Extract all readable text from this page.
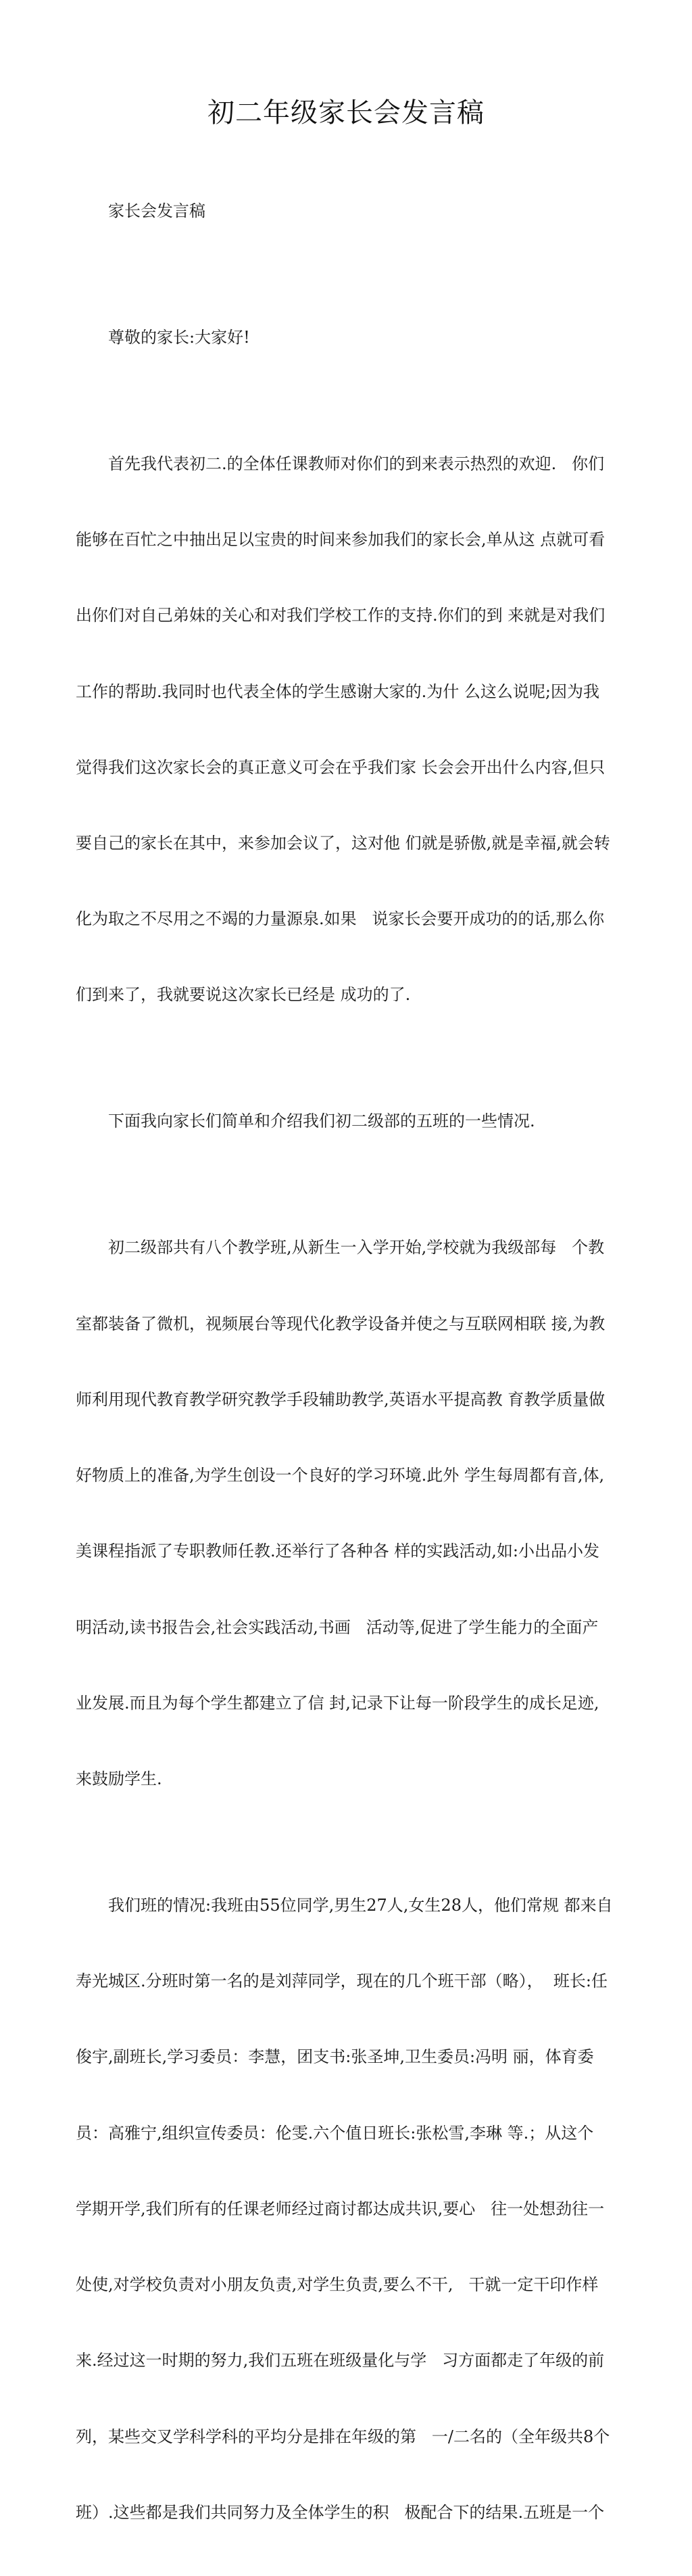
初二年级家长会发言稿

家长会发言稿

尊敬的家长:大家好!

首先我代表初二.的全体任课教师对你们的到来表示热烈的欢迎.   你们

能够在百忙之中抽出足以宝贵的时间来参加我们的家长会,单从这 点就可看

出你们对自己弟妹的关心和对我们学校工作的支持.你们的到 来就是对我们

工作的帮助.我同时也代表全体的学生感谢大家的.为什 么这么说呢;因为我

觉得我们这次家长会的真正意义可会在乎我们家 长会会开出什么内容,但只

要自己的家长在其中，来参加会议了，这对他 们就是骄傲,就是幸福,就会转

化为取之不尽用之不竭的力量源泉.如果   说家长会要开成功的的话,那么你

们到来了，我就要说这次家长已经是 成功的了.

下面我向家长们简单和介绍我们初二级部的五班的一些情况.

初二级部共有八个教学班,从新生一入学开始,学校就为我级部每   个教

室都装备了微机，视频展台等现代化教学设备并使之与互联网相联 接,为教

师利用现代教育教学研究教学手段辅助教学,英语水平提高教 育教学质量做

好物质上的准备,为学生创设一个良好的学习环境.此外 学生每周都有音,体,

美课程指派了专职教师任教.还举行了各种各 样的实践活动,如:小出品小发

明活动,读书报告会,社会实践活动,书画   活动等,促进了学生能力的全面产

业发展.而且为每个学生都建立了信 封,记录下让每一阶段学生的成长足迹,

来鼓励学生.

我们班的情况:我班由55位同学,男生27人,女生28人，他们常规 都来自

寿光城区.分班时第一名的是刘萍同学，现在的几个班干部（略），  班长:任

俊宇,副班长,学习委员：李慧，团支书:张圣坤,卫生委员:冯明 丽，体育委

员：高雅宁,组织宣传委员：伦雯.六个值日班长:张松雪,李琳 等.；从这个

学期开学,我们所有的任课老师经过商讨都达成共识,要心   往一处想劲往一

处使,对学校负责对小朋友负责,对学生负责,要么不干,   干就一定干印作样

来.经过这一时期的努力,我们五班在班级量化与学   习方面都走了年级的前

列，某些交叉学科学科的平均分是排在年级的第   一/二名的（全年级共8个

班）.这些都是我们共同努力及全体学生的积   极配合下的结果.五班是一个
